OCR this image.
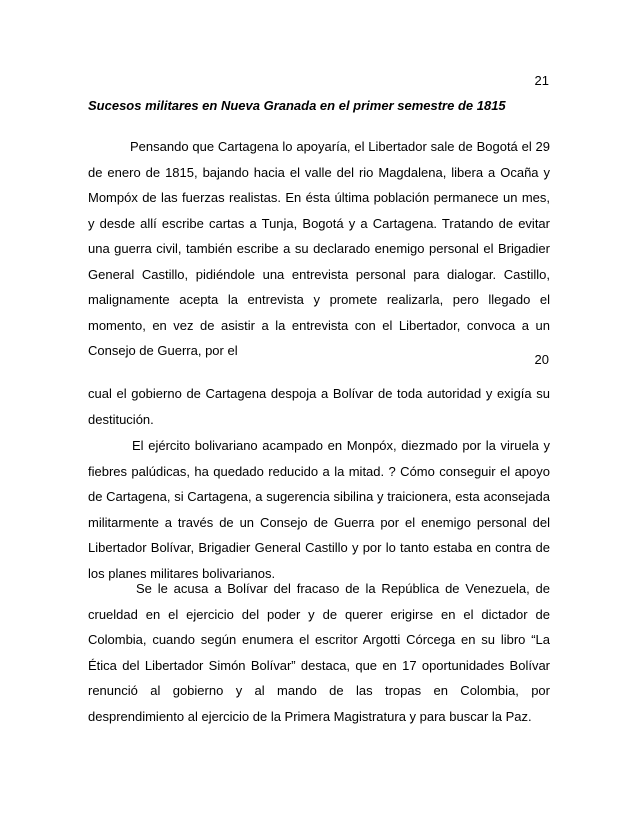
21
Sucesos militares en Nueva Granada en el primer semestre de 1815

Pensando que Cartagena lo apoyaría, el Libertador sale de Bogotá el 29 de enero de 1815, bajando hacia el valle del rio Magdalena, libera a Ocaña y Mompóx de las fuerzas realistas. En ésta última población permanece un mes, y desde allí escribe cartas a Tunja, Bogotá y a Cartagena. Tratando de evitar una guerra civil, también escribe a su declarado enemigo personal el Brigadier General Castillo, pidiéndole una entrevista personal para dialogar. Castillo, malignamente acepta la entrevista y promete realizarla, pero llegado el momento, en vez de asistir a la entrevista con el Libertador, convoca a un Consejo de Guerra, por el

20

cual el gobierno de Cartagena despoja a Bolívar de toda autoridad y exigía su destitución.

El ejército bolivariano acampado en Monpóx, diezmado por la viruela y fiebres palúdicas, ha quedado reducido a la mitad. ? Cómo conseguir el apoyo de Cartagena, si Cartagena, a sugerencia sibilina y traicionera, esta aconsejada militarmente a través de un Consejo de Guerra por el enemigo personal del Libertador Bolívar, Brigadier General Castillo y por lo tanto estaba en contra de los planes militares bolivarianos.

Se le acusa a Bolívar del fracaso de la República de Venezuela, de crueldad en el ejercicio del poder y de querer erigirse en el dictador de Colombia, cuando según enumera el escritor Argotti Córcega en su libro “La Ética del Libertador Simón Bolívar” destaca, que en 17 oportunidades Bolívar renunció al gobierno y al mando de las tropas en Colombia, por desprendimiento al ejercicio de la Primera Magistratura y para buscar la Paz.
